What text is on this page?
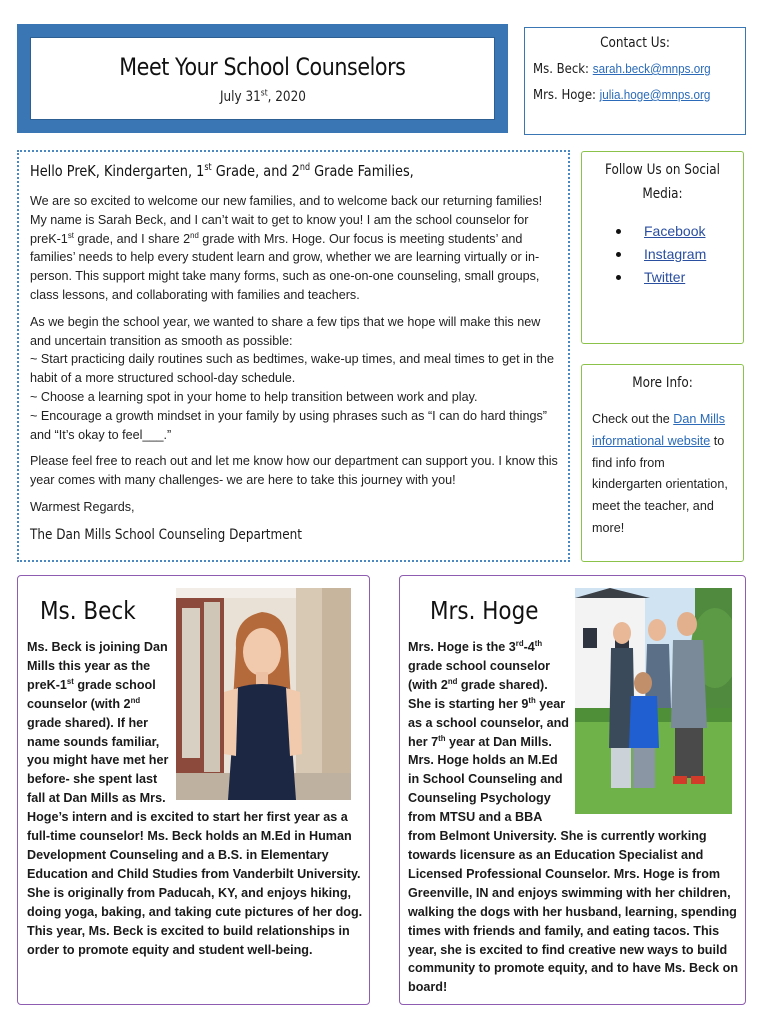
Meet Your School Counselors
July 31st, 2020
Contact Us:
Ms. Beck: sarah.beck@mnps.org
Mrs. Hoge: julia.hoge@mnps.org
Hello PreK, Kindergarten, 1st Grade, and 2nd Grade Families,

We are so excited to welcome our new families, and to welcome back our returning families! My name is Sarah Beck, and I can’t wait to get to know you! I am the school counselor for preK-1st grade, and I share 2nd grade with Mrs. Hoge. Our focus is meeting students’ and families’ needs to help every student learn and grow, whether we are learning virtually or in-person. This support might take many forms, such as one-on-one counseling, small groups, class lessons, and collaborating with families and teachers.

As we begin the school year, we wanted to share a few tips that we hope will make this new and uncertain transition as smooth as possible:
~ Start practicing daily routines such as bedtimes, wake-up times, and meal times to get in the habit of a more structured school-day schedule.
~ Choose a learning spot in your home to help transition between work and play.
~ Encourage a growth mindset in your family by using phrases such as “I can do hard things” and “It’s okay to feel___.”

Please feel free to reach out and let me know how our department can support you. I know this year comes with many challenges- we are here to take this journey with you!

Warmest Regards,

The Dan Mills School Counseling Department
Follow Us on Social Media:
Facebook
Instagram
Twitter
More Info:

Check out the Dan Mills informational website to find info from kindergarten orientation, meet the teacher, and more!

Ms. Beck
Ms. Beck is joining Dan Mills this year as the preK-1st grade school counselor (with 2nd grade shared). If her name sounds familiar, you might have met her before- she spent last fall at Dan Mills as Mrs. Hoge’s intern and is excited to start her first year as a full-time counselor! Ms. Beck holds an M.Ed in Human Development Counseling and a B.S. in Elementary Education and Child Studies from Vanderbilt University. She is originally from Paducah, KY, and enjoys hiking, doing yoga, baking, and taking cute pictures of her dog. This year, Ms. Beck is excited to build relationships in order to promote equity and student well-being.
Mrs. Hoge
Mrs. Hoge is the 3rd-4th grade school counselor (with 2nd grade shared). She is starting her 9th year as a school counselor, and her 7th year at Dan Mills. Mrs. Hoge holds an M.Ed in School Counseling and Counseling Psychology from MTSU and a BBA from Belmont University. She is currently working towards licensure as an Education Specialist and Licensed Professional Counselor. Mrs. Hoge is from Greenville, IN and enjoys swimming with her children, walking the dogs with her husband, learning, spending times with friends and family, and eating tacos. This year, she is excited to find creative new ways to build community to promote equity, and to have Ms. Beck on board!
